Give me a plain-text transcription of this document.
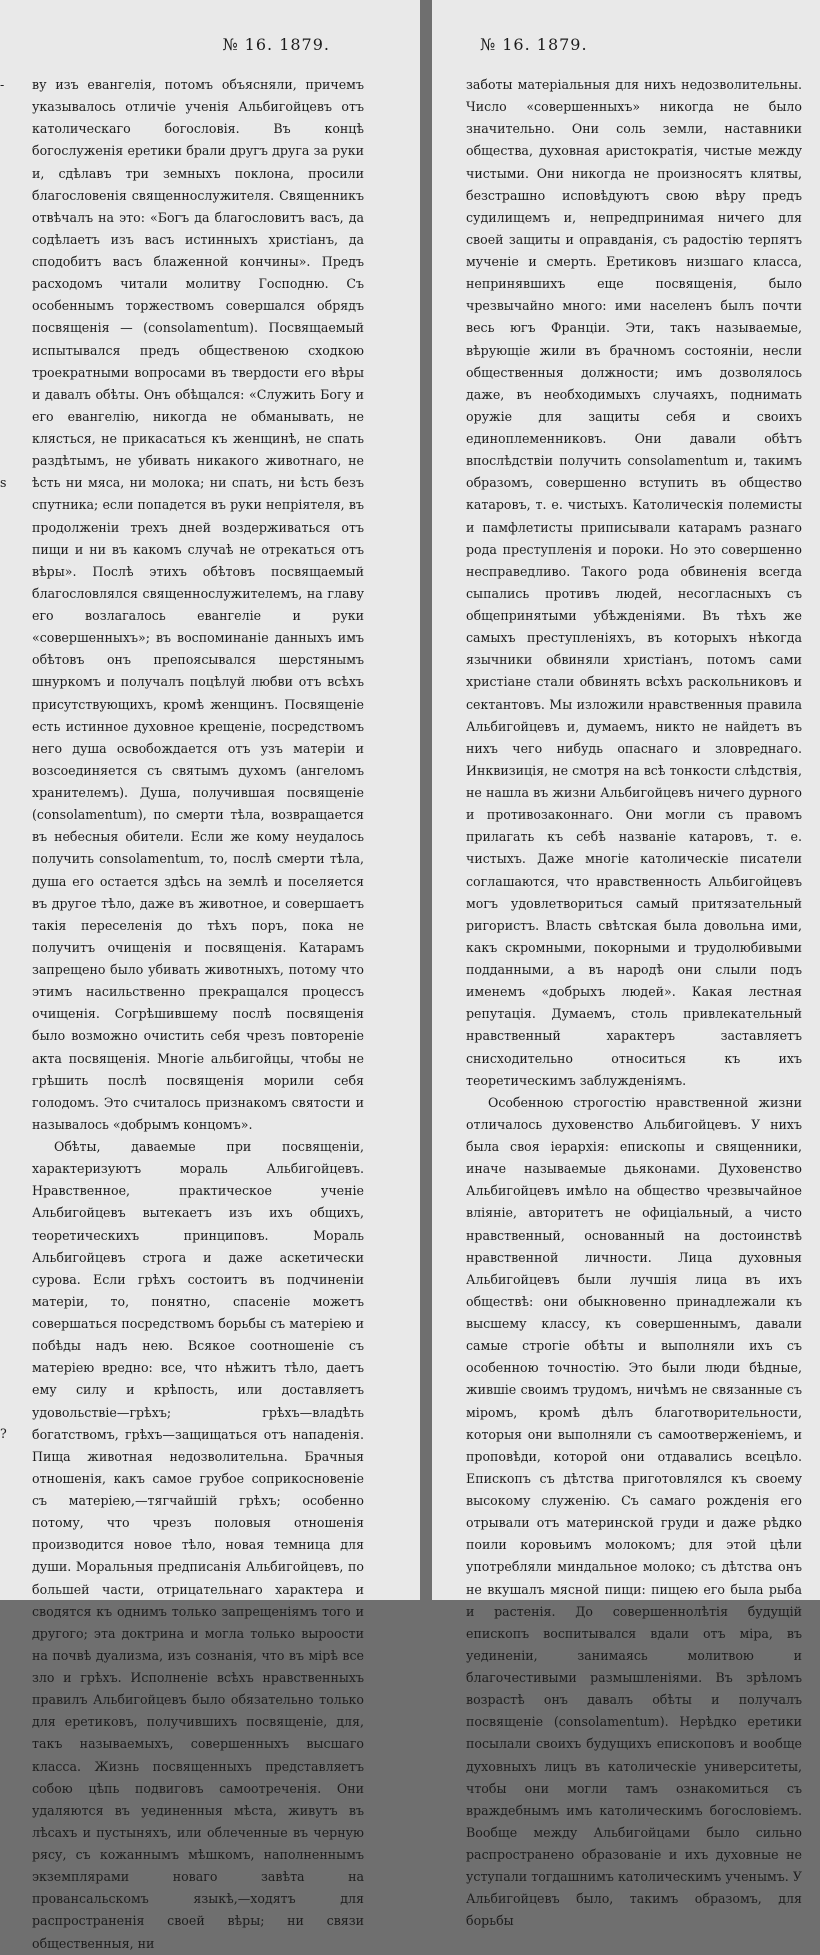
-
s
?
№ 16. 1879.

ву изъ евангелія, потомъ объясняли, причемъ указывалось отличіе ученія Альбигойцевъ отъ католическаго богословія. Въ концѣ богослуженія еретики брали другъ друга за руки и, сдѣлавъ три земныхъ поклона, просили благословенія священнослужителя. Священникъ отвѣчалъ на это: «Богъ да благословитъ васъ, да содѣлаетъ изъ васъ истинныхъ христіанъ, да сподобитъ васъ блаженной кончины». Предъ расходомъ читали молитву Господню. Съ особеннымъ торжествомъ совершался обрядъ посвященія — (consolamentum). Посвящаемый испытывался предъ общественою сходкою троекратными вопросами въ твердости его вѣры и давалъ обѣты. Онъ обѣщался: «Служить Богу и его евангелію, никогда не обманывать, не клясться, не прикасаться къ женщинѣ, не спать раздѣтымъ, не убивать никакого животнаго, не ѣсть ни мяса, ни молока; ни спать, ни ѣсть безъ спутника; если попадется въ руки непріятеля, въ продолженіи трехъ дней воздерживаться отъ пищи и ни въ какомъ случаѣ не отрекаться отъ вѣры». Послѣ этихъ обѣтовъ посвящаемый благословлялся священнослужителемъ, на главу его возлагалось евангеліе и руки «совершенныхъ»; въ воспоминаніе данныхъ имъ обѣтовъ онъ препоясывался шерстянымъ шнуркомъ и получалъ поцѣлуй любви отъ всѣхъ присутствующихъ, кромѣ женщинъ. Посвященіе есть истинное духовное крещеніе, посредствомъ него душа освобождается отъ узъ матеріи и возсоединяется съ святымъ духомъ (ангеломъ хранителемъ). Душа, получившая посвященіе (consolamentum), по смерти тѣла, возвращается въ небесныя обители. Если же кому неудалось получить consolamentum, то, послѣ смерти тѣла, душа его остается здѣсь на землѣ и поселяется въ другое тѣло, даже въ животное, и совершаетъ такія переселенія до тѣхъ поръ, пока не получитъ очищенія и посвященія. Катарамъ запрещено было убивать животныхъ, потому что этимъ насильственно прекращался процессъ очищенія. Согрѣшившему послѣ посвященія было возможно очистить себя чрезъ повтореніе акта посвященія. Многіе альбигойцы, чтобы не грѣшить послѣ посвященія морили себя голодомъ. Это считалось признакомъ святости и называлось «добрымъ концомъ».

Обѣты, даваемые при посвященіи, характеризуютъ мораль Альбигойцевъ. Нравственное, практическое ученіе Альбигойцевъ вытекаетъ изъ ихъ общихъ, теоретическихъ принциповъ. Мораль Альбигойцевъ строга и даже аскетически сурова. Если грѣхъ состоитъ въ подчиненіи матеріи, то, понятно, спасеніе можетъ совершаться посредствомъ борьбы съ матеріею и побѣды надъ нею. Всякое соотношеніе съ матеріею вредно: все, что нѣжитъ тѣло, даетъ ему силу и крѣпость, или доставляетъ удовольствіе—грѣхъ; грѣхъ—владѣть богатствомъ, грѣхъ—защищаться отъ нападенія. Пища животная недозволительна. Брачныя отношенія, какъ самое грубое соприкосновеніе съ матеріею,—тягчайшій грѣхъ; особенно потому, что чрезъ половыя отношенія производится новое тѣло, новая темница для души. Моральныя предписанія Альбигойцевъ, по большей части, отрицательнаго характера и сводятся къ однимъ только запрещеніямъ того и другого; эта доктрина и могла только выроости на почвѣ дуализма, изъ сознанія, что въ мірѣ все зло и грѣхъ. Исполненіе всѣхъ нравственныхъ правилъ Альбигойцевъ было обязательно только для еретиковъ, получившихъ посвященіе, для, такъ называемыхъ, совершенныхъ высшаго класса. Жизнь посвященныхъ представляетъ собою цѣпь подвиговъ самоотреченія. Они удаляются въ уединенныя мѣста, живутъ въ лѣсахъ и пустыняхъ, или облеченные въ черную рясу, съ кожаннымъ мѣшкомъ, наполненнымъ экземплярами новаго завѣта на провансальскомъ языкѣ,—ходятъ для распространенія своей вѣры; ни связи общественныя, ни

№ 16. 1879.

заботы матеріальныя для нихъ недозволительны. Число «совершенныхъ» никогда не было значительно. Они соль земли, наставники общества, духовная аристократія, чистые между чистыми. Они никогда не произносятъ клятвы, безстрашно исповѣдуютъ свою вѣру предъ судилищемъ и, непредпринимая ничего для своей защиты и оправданія, съ радостію терпятъ мученіе и смерть. Еретиковъ низшаго класса, непринявшихъ еще посвященія, было чрезвычайно много: ими населенъ былъ почти весь югъ Франціи. Эти, такъ называемые, вѣрующіе жили въ брачномъ состояніи, несли общественныя должности; имъ дозволялось даже, въ необходимыхъ случаяхъ, поднимать оружіе для защиты себя и своихъ единоплеменниковъ. Они давали обѣтъ впослѣдствіи получить consolamentum и, такимъ образомъ, совершенно вступить въ общество катаровъ, т. е. чистыхъ. Католическія полемисты и памфлетисты приписывали катарамъ разнаго рода преступленія и пороки. Но это совершенно несправедливо. Такого рода обвиненія всегда сыпались противъ людей, несогласныхъ съ общепринятыми убѣжденіями. Въ тѣхъ же самыхъ преступленіяхъ, въ которыхъ нѣкогда язычники обвиняли христіанъ, потомъ сами христіане стали обвинять всѣхъ раскольниковъ и сектантовъ. Мы изложили нравственныя правила Альбигойцевъ и, думаемъ, никто не найдетъ въ нихъ чего нибудь опаснаго и зловреднаго. Инквизиція, не смотря на всѣ тонкости слѣдствія, не нашла въ жизни Альбигойцевъ ничего дурного и противозаконнаго. Они могли съ правомъ прилагать къ себѣ названіе катаровъ, т. е. чистыхъ. Даже многіе католическіе писатели соглашаются, что нравственность Альбигойцевъ могъ удовлетвориться самый притязательный ригористъ. Власть свѣтская была довольна ими, какъ скромными, покорными и трудолюбивыми подданными, а въ народѣ они слыли подъ именемъ «добрыхъ людей». Какая лестная репутація. Думаемъ, столь привлекательный нравственный характеръ заставляетъ снисходительно относиться къ ихъ теоретическимъ заблужденіямъ.

Особенною строгостію нравственной жизни отличалось духовенство Альбигойцевъ. У нихъ была своя іерархія: епископы и священники, иначе называемые дьяконами. Духовенство Альбигойцевъ имѣло на общество чрезвычайное вліяніе, авторитетъ не офиціальный, а чисто нравственный, основанный на достоинствѣ нравственной личности. Лица духовныя Альбигойцевъ были лучшія лица въ ихъ обществѣ: они обыкновенно принадлежали къ высшему классу, къ совершеннымъ, давали самые строгіе обѣты и выполняли ихъ съ особенною точностію. Это были люди бѣдные, жившіе своимъ трудомъ, ничѣмъ не связанные съ міромъ, кромѣ дѣлъ благотворительности, которыя они выполняли съ самоотверженіемъ, и проповѣди, которой они отдавались всецѣло. Епископъ съ дѣтства приготовлялся къ своему высокому служенію. Съ самаго рожденія его отрывали отъ материнской груди и даже рѣдко поили коровьимъ молокомъ; для этой цѣли употребляли миндальное молоко; съ дѣтства онъ не вкушалъ мясной пищи: пищею его была рыба и растенія. До совершеннолѣтія будущій епископъ воспитывался вдали отъ міра, въ уединеніи, занимаясь молитвою и благочестивыми размышленіями. Въ зрѣломъ возрастѣ онъ давалъ обѣты и получалъ посвященіе (consolamentum). Нерѣдко еретики посылали своихъ будущихъ епископовъ и вообще духовныхъ лицъ въ католическіе университеты, чтобы они могли тамъ ознакомиться съ враждебнымъ имъ католическимъ богословіемъ. Вообще между Альбигойцами было сильно распространено образованіе и ихъ духовные не уступали тогдашнимъ католическимъ ученымъ. У Альбигойцевъ было, такимъ образомъ, для борьбы
